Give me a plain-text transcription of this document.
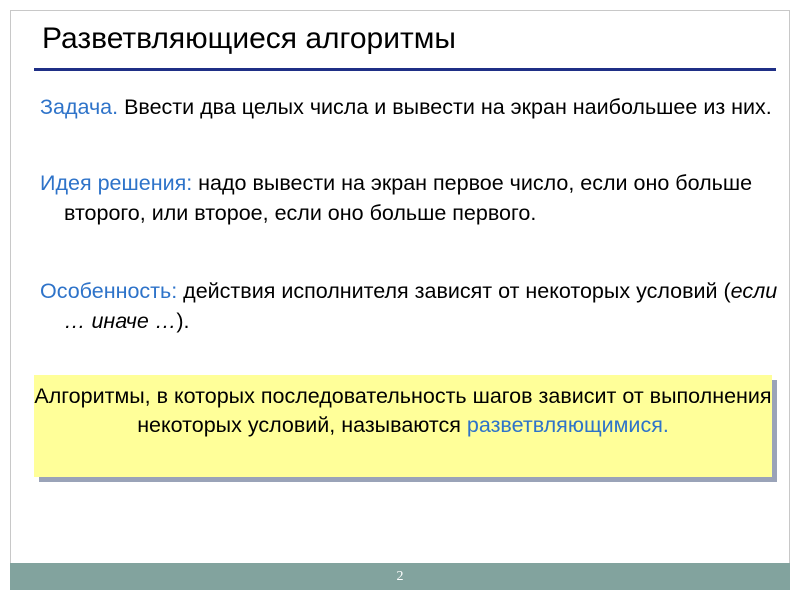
Разветвляющиеся алгоритмы
Задача. Ввести два целых числа и вывести на экран наибольшее из них.
Идея решения: надо вывести на экран первое число, если оно больше второго, или второе, если оно больше первого.
Особенность: действия исполнителя зависят от некоторых условий (если … иначе …).
Алгоритмы, в которых последовательность шагов зависит от выполнения некоторых условий, называются разветвляющимися.
2
